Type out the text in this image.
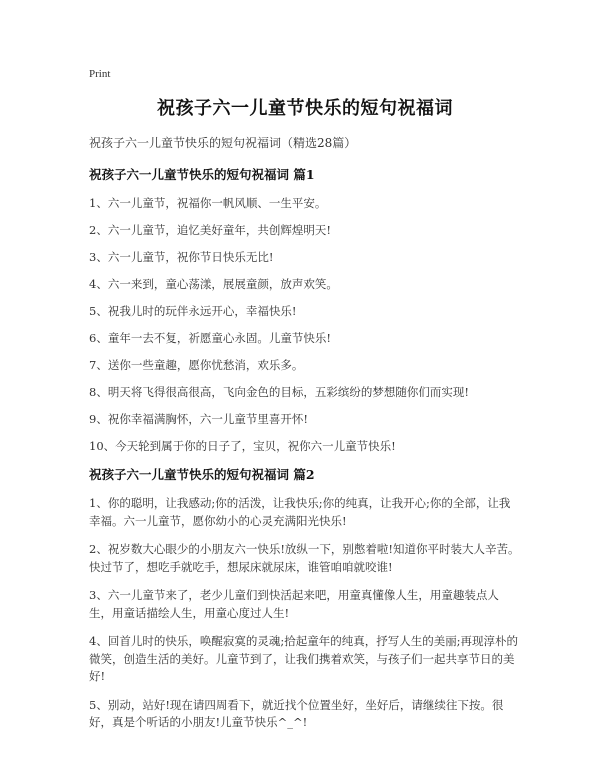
Print
祝孩子六一儿童节快乐的短句祝福词

祝孩子六一儿童节快乐的短句祝福词（精选28篇）

祝孩子六一儿童节快乐的短句祝福词 篇1

1、六一儿童节，祝福你一帆风顺、一生平安。

2、六一儿童节，追忆美好童年，共创辉煌明天!

3、六一儿童节，祝你节日快乐无比!

4、六一来到，童心荡漾，展展童颜，放声欢笑。

5、祝我儿时的玩伴永远开心，幸福快乐!

6、童年一去不复，祈愿童心永固。儿童节快乐!

7、送你一些童趣，愿你忧愁消，欢乐多。

8、明天将飞得很高很高，飞向金色的目标，五彩缤纷的梦想随你们而实现!

9、祝你幸福满胸怀，六一儿童节里喜开怀!

10、今天轮到属于你的日子了，宝贝，祝你六一儿童节快乐!

祝孩子六一儿童节快乐的短句祝福词 篇2

1、你的聪明，让我感动;你的活泼，让我快乐;你的纯真，让我开心;你的全部，让我幸福。六一儿童节，愿你幼小的心灵充满阳光快乐!

2、祝岁数大心眼少的小朋友六一快乐!放纵一下，别憋着啦!知道你平时装大人辛苦。快过节了，想吃手就吃手，想尿床就尿床，谁管咱咱就咬谁!

3、六一儿童节来了，老少儿童们到快活起来吧，用童真懂像人生，用童趣装点人生，用童话描绘人生，用童心度过人生!

4、回首儿时的快乐，唤醒寂寞的灵魂;拾起童年的纯真，抒写人生的美丽;再现淳朴的微笑，创造生活的美好。儿童节到了，让我们携着欢笑，与孩子们一起共享节日的美好!

5、别动，站好!现在请四周看下，就近找个位置坐好，坐好后，请继续往下按。很好，真是个听话的小朋友!儿童节快乐^_^!
